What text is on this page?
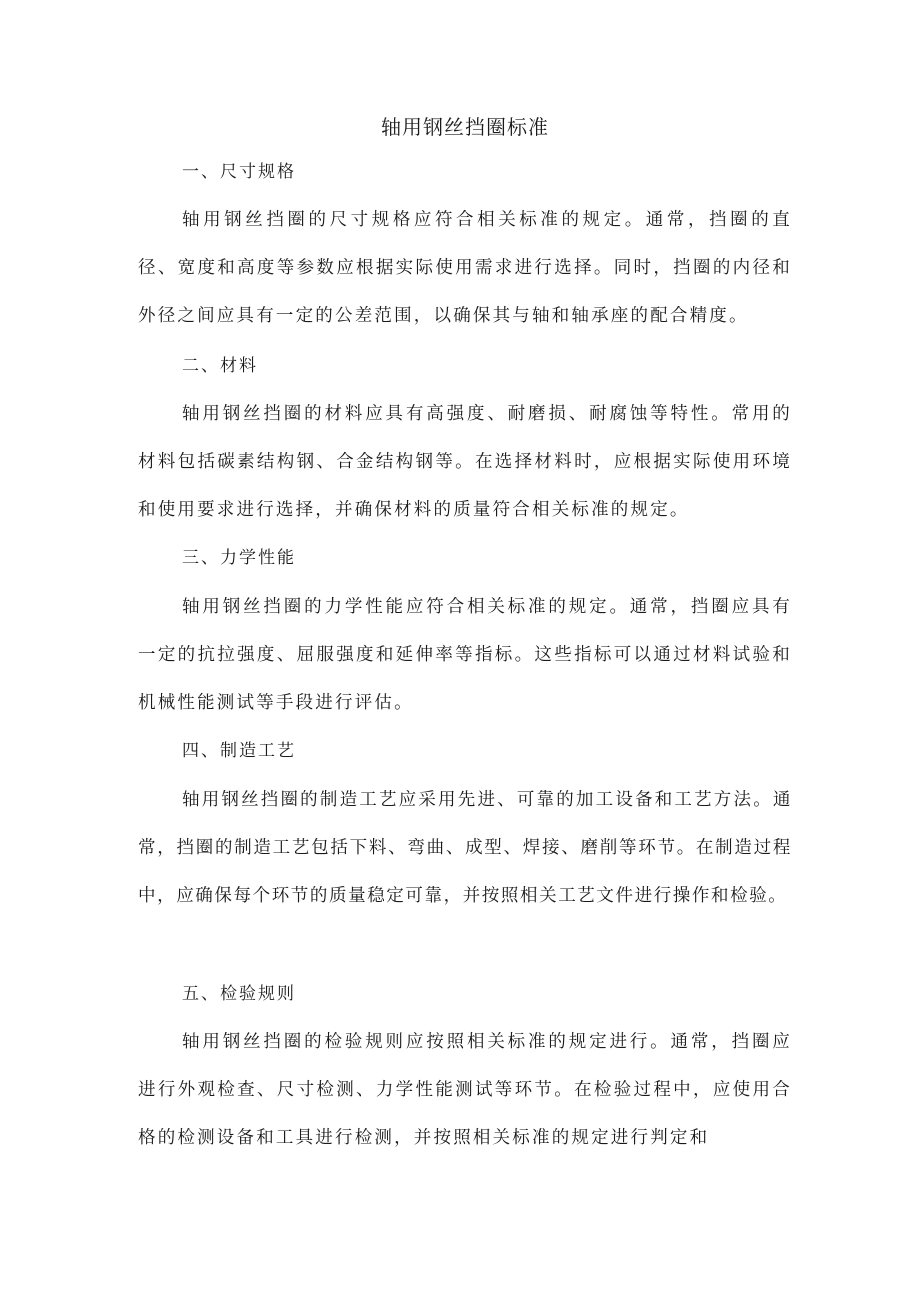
轴用钢丝挡圈标准
一、尺寸规格

轴用钢丝挡圈的尺寸规格应符合相关标准的规定。通常，挡圈的直径、宽度和高度等参数应根据实际使用需求进行选择。同时，挡圈的内径和外径之间应具有一定的公差范围，以确保其与轴和轴承座的配合精度。

二、材料

轴用钢丝挡圈的材料应具有高强度、耐磨损、耐腐蚀等特性。常用的材料包括碳素结构钢、合金结构钢等。在选择材料时，应根据实际使用环境和使用要求进行选择，并确保材料的质量符合相关标准的规定。

三、力学性能

轴用钢丝挡圈的力学性能应符合相关标准的规定。通常，挡圈应具有一定的抗拉强度、屈服强度和延伸率等指标。这些指标可以通过材料试验和机械性能测试等手段进行评估。

四、制造工艺

轴用钢丝挡圈的制造工艺应采用先进、可靠的加工设备和工艺方法。通常，挡圈的制造工艺包括下料、弯曲、成型、焊接、磨削等环节。在制造过程中，应确保每个环节的质量稳定可靠，并按照相关工艺文件进行操作和检验。

五、检验规则

轴用钢丝挡圈的检验规则应按照相关标准的规定进行。通常，挡圈应进行外观检查、尺寸检测、力学性能测试等环节。在检验过程中，应使用合格的检测设备和工具进行检测，并按照相关标准的规定进行判定和
